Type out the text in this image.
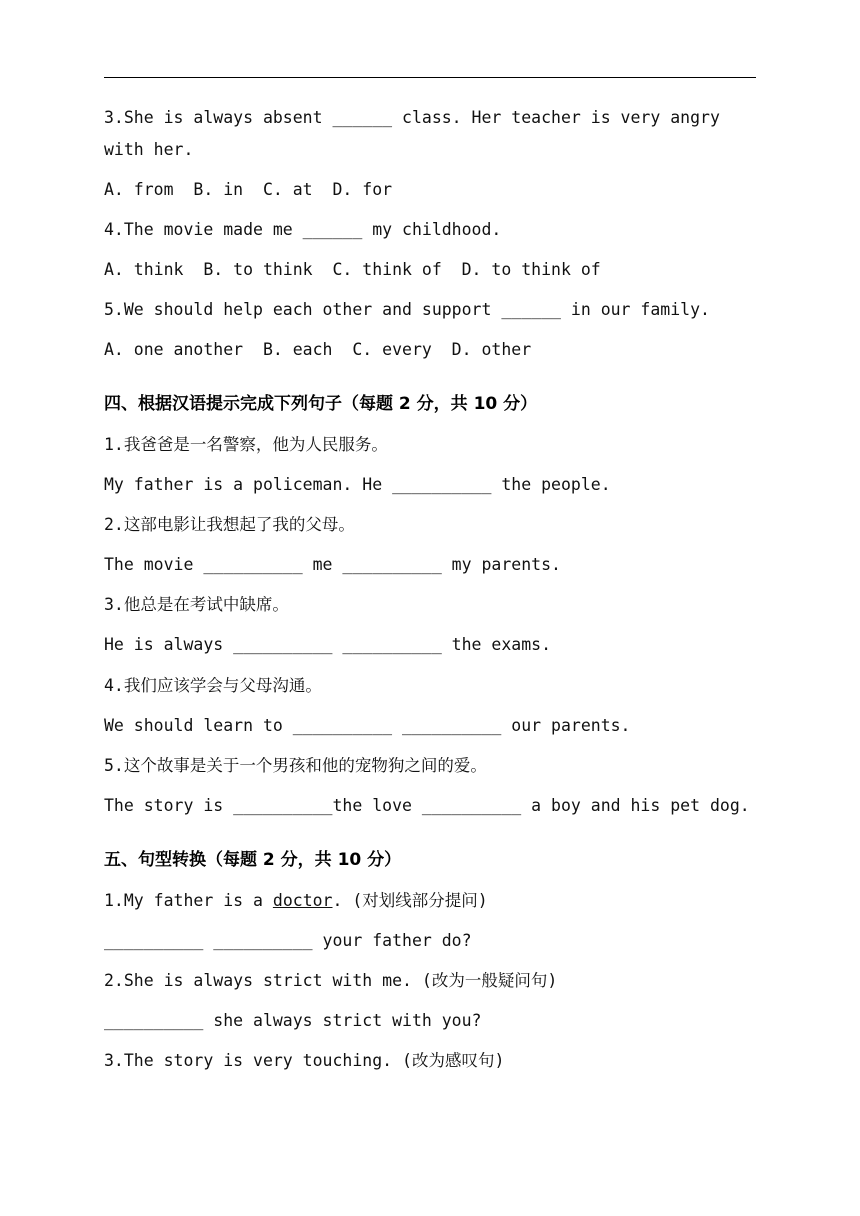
3.She is always absent ______ class. Her teacher is very angry
with her.
A. from  B. in  C. at  D. for
4.The movie made me ______ my childhood.
A. think  B. to think  C. think of  D. to think of
5.We should help each other and support ______ in our family.
A. one another  B. each  C. every  D. other
四、根据汉语提示完成下列句子（每题 2 分，共 10 分）
1.我爸爸是一名警察，他为人民服务。
My father is a policeman. He __________ the people.
2.这部电影让我想起了我的父母。
The movie __________ me __________ my parents.
3.他总是在考试中缺席。
He is always __________ __________ the exams.
4.我们应该学会与父母沟通。
We should learn to __________ __________ our parents.
5.这个故事是关于一个男孩和他的宠物狗之间的爱。
The story is __________the love __________ a boy and his pet dog.
五、句型转换（每题 2 分，共 10 分）
1.My father is a doctor. (对划线部分提问)
__________ __________ your father do?
2.She is always strict with me. (改为一般疑问句)
__________ she always strict with you?
3.The story is very touching. (改为感叹句)
